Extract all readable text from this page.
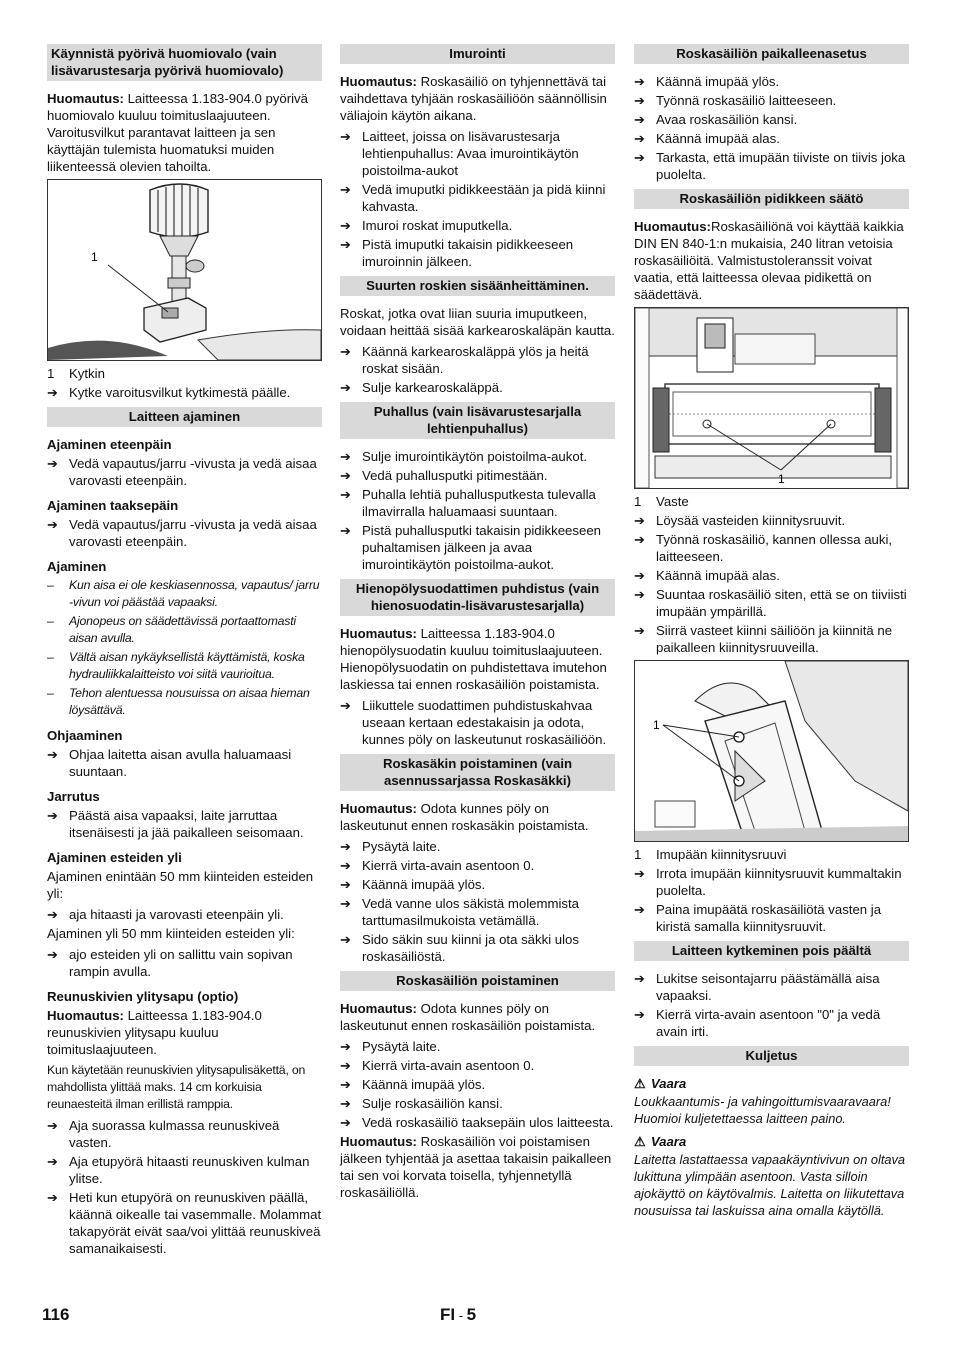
Käynnistä pyörivä huomiovalo (vain lisävarustesarja pyörivä huomiovalo)

Huomautus: Laitteessa 1.183-904.0 pyörivä huomiovalo kuuluu toimituslaajuuteen. Varoitusvilkut parantavat laitteen ja sen käyttäjän tulemista huomatuksi muiden liikenteessä olevien tahoilta.

1
1 Kytkin
➔ Kytke varoitusvilkut kytkimestä päälle.
Laitteen ajaminen
Ajaminen eteenpäin
➔ Vedä vapautus/jarru -vivusta ja vedä aisaa varovasti eteenpäin.
Ajaminen taaksepäin
➔ Vedä vapautus/jarru -vivusta ja vedä aisaa varovasti eteenpäin.
Ajaminen
– Kun aisa ei ole keskiasennossa, vapautus/ jarru -vivun voi päästää vapaaksi.
– Ajonopeus on säädettävissä portaattomasti aisan avulla.
– Vältä aisan nykäyksellistä käyttämistä, koska hydrauliikkalaitteisto voi siitä vaurioitua.
– Tehon alentuessa nousuissa on aisaa hieman löysättävä.
Ohjaaminen
➔ Ohjaa laitetta aisan avulla haluamaasi suuntaan.
Jarrutus
➔ Päästä aisa vapaaksi, laite jarruttaa itsenäisesti ja jää paikalleen seisomaan.
Ajaminen esteiden yli

Ajaminen enintään 50 mm kiinteiden esteiden yli:

➔ aja hitaasti ja varovasti eteenpäin yli.

Ajaminen yli 50 mm kiinteiden esteiden yli:

➔ ajo esteiden yli on sallittu vain sopivan rampin avulla.
Reunuskivien ylitysapu (optio)

Huomautus: Laitteessa 1.183-904.0 reunuskivien ylitysapu kuuluu toimituslaajuuteen.

Kun käytetään reunuskivien ylitysapulisäkettä, on mahdollista ylittää maks. 14 cm korkuisia reunaesteitä ilman erillistä ramppia.

➔ Aja suorassa kulmassa reunuskiveä vasten.
➔ Aja etupyörä hitaasti reunuskiven kulman ylitse.
➔ Heti kun etupyörä on reunuskiven päällä, käännä oikealle tai vasemmalle. Molammat takapyörät eivät saa/voi ylittää reunuskiveä samanaikaisesti.
Imurointi

Huomautus: Roskasäiliö on tyhjennettävä tai vaihdettava tyhjään roskasäiliöön säännöllisin väliajoin käytön aikana.

➔ Laitteet, joissa on lisävarustesarja lehtienpuhallus: Avaa imurointikäytön poistoilma-aukot
➔ Vedä imuputki pidikkeestään ja pidä kiinni kahvasta.
➔ Imuroi roskat imuputkella.
➔ Pistä imuputki takaisin pidikkeeseen imuroinnin jälkeen.
Suurten roskien sisäänheittäminen.

Roskat, jotka ovat liian suuria imuputkeen, voidaan heittää sisää karkearoskaläpän kautta.

➔ Käännä karkearoskaläppä ylös ja heitä roskat sisään.
➔ Sulje karkearoskaläppä.
Puhallus (vain lisävarustesarjalla lehtienpuhallus)
➔ Sulje imurointikäytön poistoilma-aukot.
➔ Vedä puhallusputki pitimestään.
➔ Puhalla lehtiä puhallusputkesta tulevalla ilmavirralla haluamaasi suuntaan.
➔ Pistä puhallusputki takaisin pidikkeeseen puhaltamisen jälkeen ja avaa imurointikäytön poistoilma-aukot.
Hienopölysuodattimen puhdistus (vain hienosuodatin-lisävarustesarjalla)

Huomautus: Laitteessa 1.183-904.0 hienopölysuodatin kuuluu toimituslaajuuteen. Hienopölysuodatin on puhdistettava imutehon laskiessa tai ennen roskasäiliön poistamista.

➔ Liikuttele suodattimen puhdistuskahvaa useaan kertaan edestakaisin ja odota, kunnes pöly on laskeutunut roskasäiliöön.
Roskasäkin poistaminen (vain asennussarjassa Roskasäkki)

Huomautus: Odota kunnes pöly on laskeutunut ennen roskasäkin poistamista.

➔ Pysäytä laite.
➔ Kierrä virta-avain asentoon 0.
➔ Käännä imupää ylös.
➔ Vedä vanne ulos säkistä molemmista tarttumasilmukoista vetämällä.
➔ Sido säkin suu kiinni ja ota säkki ulos roskasäiliöstä.
Roskasäiliön poistaminen

Huomautus: Odota kunnes pöly on laskeutunut ennen roskasäiliön poistamista.

➔ Pysäytä laite.
➔ Kierrä virta-avain asentoon 0.
➔ Käännä imupää ylös.
➔ Sulje roskasäiliön kansi.
➔ Vedä roskasäiliö taaksepäin ulos laitteesta.

Huomautus: Roskasäiliön voi poistamisen jälkeen tyhjentää ja asettaa takaisin paikalleen tai sen voi korvata toisella, tyhjennetyllä roskasäiliöllä.

Roskasäiliön paikalleenasetus
➔ Käännä imupää ylös.
➔ Työnnä roskasäiliö laitteeseen.
➔ Avaa roskasäiliön kansi.
➔ Käännä imupää alas.
➔ Tarkasta, että imupään tiiviste on tiivis joka puolelta.
Roskasäiliön pidikkeen säätö

Huomautus:Roskasäiliönä voi käyttää kaikkia DIN EN 840-1:n mukaisia, 240 litran vetoisia roskasäiliöitä. Valmistustoleranssit voivat vaatia, että laitteessa olevaa pidikettä on säädettävä.

1
1 Vaste
➔ Löysää vasteiden kiinnitysruuvit.
➔ Työnnä roskasäiliö, kannen ollessa auki, laitteeseen.
➔ Käännä imupää alas.
➔ Suuntaa roskasäiliö siten, että se on tiiviisti imupään ympärillä.
➔ Siirrä vasteet kiinni säiliöön ja kiinnitä ne paikalleen kiinnitysruuveilla.
1
1 Imupään kiinnitysruuvi
➔ Irrota imupään kiinnitysruuvit kummaltakin puolelta.
➔ Paina imupäätä roskasäiliötä vasten ja kiristä samalla kiinnitysruuvit.
Laitteen kytkeminen pois päältä
➔ Lukitse seisontajarru päästämällä aisa vapaaksi.
➔ Kierrä virta-avain asentoon "0" ja vedä avain irti.
Kuljetus
⚠ Vaara

Loukkaantumis- ja vahingoittumisvaaravaara! Huomioi kuljetettaessa laitteen paino.

⚠ Vaara

Laitetta lastattaessa vapaakäyntivivun on oltava lukittuna ylimpään asentoon. Vasta silloin ajokäyttö on käytövalmis. Laitetta on liikutettava nousuissa tai laskuissa aina omalla käytöllä.

116	FI - 5
